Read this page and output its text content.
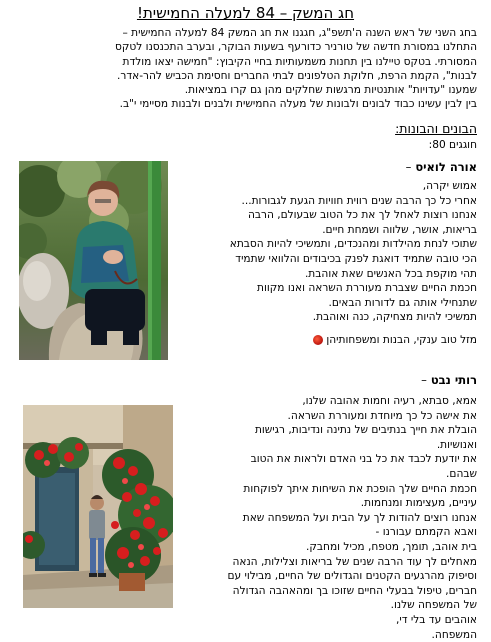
חג המשק – 84 למעלה החמישית!

בחג השני של ראש השנה ה'תשפ"ג, חגגנו את חג המשק 84 למעלה החמישית –

התחלנו במסורת חדשה של טורניר כדורעף בשעות הבוקר, ובערב התכנסנו לטקס

המסורתי. בטקס טיילנו בין תחנות משמעותיות בחיי הקיבוץ: "חמישה יצאו מולדת

לבנות", הקמת הרפת, חלוקת הטלפונים לבתי החברים וחסימת הכביש להר-אדר.

שמענו "עדויות" אותנטיות מרגשות שחלקים מהן גם קרו במציאות.

בין לבין עשינו כבוד לבונים ולבונות של מעלה החמישית ולבנים ולבנות מסיימי י"ב.

הבונים והבונות:
חוגגים 80:
אורה לואיס –

אמוש יקרה,

אחרי כל כך הרבה שנים רווית חוויות הגעת לגבורות...

אנחנו רוצות לאחל לך את כל הטוב שבעולם, הרבה

בריאות, אושר, שלווה ושמחת חיים.

שתוכי לנחת מהילדות ומהנכדים, ותמשיכי להיות הסבתא

הכי טובה שתמיד דואגת לפנק בכיבודים והלוואי שתמיד

תהי מוקפת בכל האנשים שאת אוהבת.

חכמת החיים שצברת מעוררת השראה ואנו מקוות

שתנחילי אותה גם לדורות הבאים.

תמשיכי להיות מצחיקה, כנה ואוהבת.

מזל טוב ענקי, הבנות ומשפחותיהן

רותי נבט –

אמא, סבתא, רעיה וחמות אהובה שלנו,

את אישה כל כך מיוחדת ומעוררת השראה.

הובלת את חייך בנתיבים של נתינה ונדיבות, רגישות

ואנושיות.

את יודעת לכבד את כל בני האדם ולראות את הטוב

שבהם.

חכמת החיים שלך הופכת את השיחות איתך לפוקחות

עיניים, מעצימות ומנחמות.

אנחנו רוצים להודות לך על הבית ועל המשפחה שאת

ואבא הקמתם עבורנו -

בית אוהב, תומך, מטפח, מכיל ומחבק.

מאחלים לך עוד הרבה שנים של בריאות וצלילות, הנאה

וסיפוק מהרגעים הקטנים והגדולים של החיים, מבילוי עם

חברים, טיפול בבעלי החיים שזוכו בך ומהאהבה הגדולה

של המשפחה שלנו.

אוהבים עד בלי די,

המשפחה.
